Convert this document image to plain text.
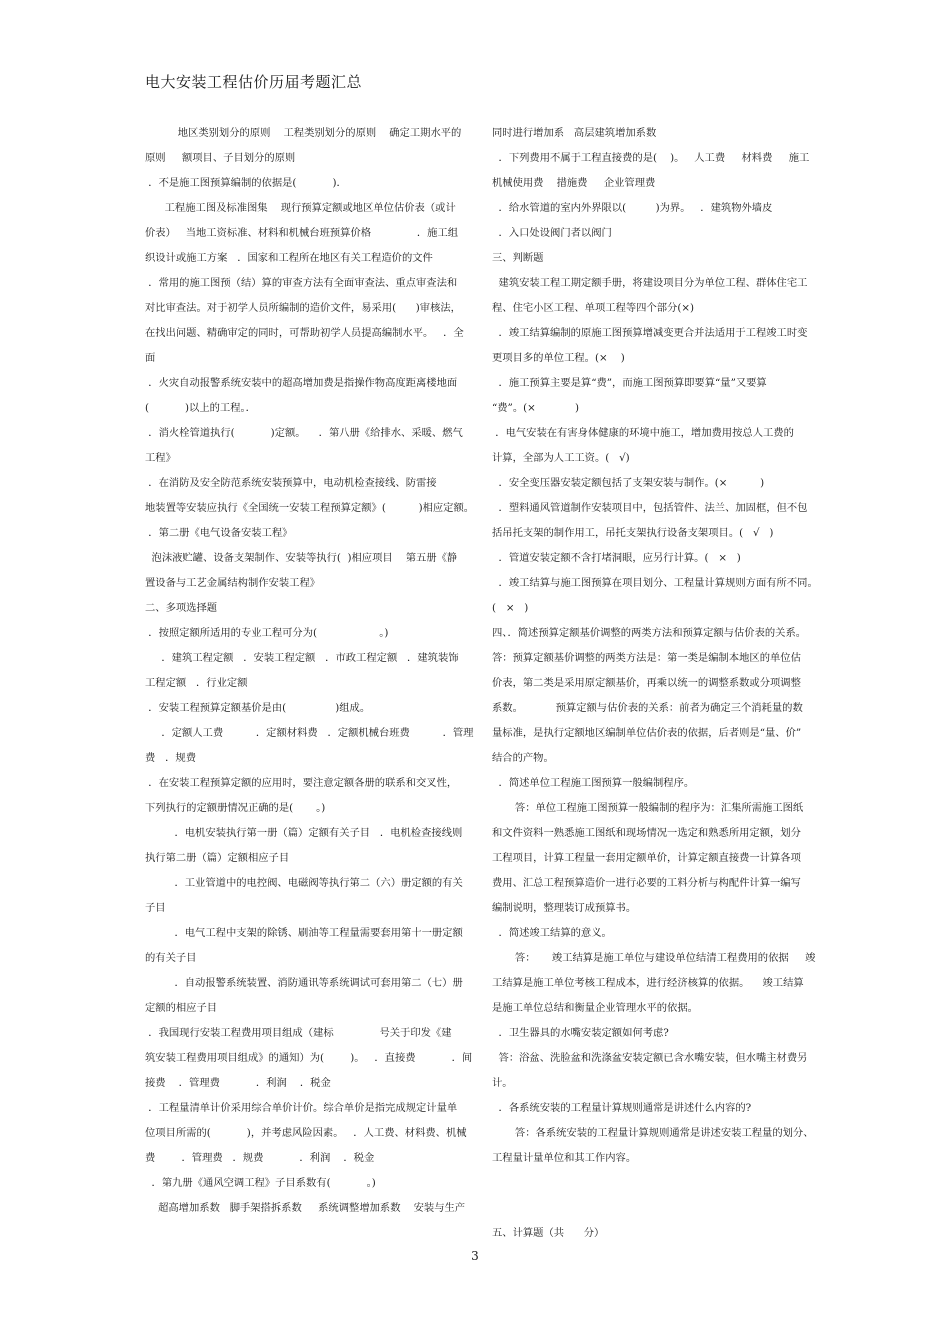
电大安装工程估价历届考题汇总
地区类别划分的原则    工程类别划分的原则    确定工期水平的
原则     额项目、子目划分的原则
．不是施工图预算编制的依据是(           )．
工程施工图及标准图集    现行预算定额或地区单位估价表（或计
价表）   当地工资标准、材料和机械台班预算价格              ．施工组
织设计或施工方案   ．国家和工程所在地区有关工程造价的文件
．常用的施工图预（结）算的审查方法有全面审查法、重点审查法和
对比审查法。对于初学人员所编制的造价文件，易采用(      )审核法，
在找出问题、精确审定的同时，可帮助初学人员提高编制水平。   ．全
面
．火灾自动报警系统安装中的超高增加费是指操作物高度距离楼地面
(           )以上的工程。．
．消火栓管道执行(           )定额。    ．第八册《给排水、采暖、燃气
工程》
．在消防及安全防范系统安装预算中，电动机检查接线、防雷接
地装置等安装应执行《全国统一安装工程预算定额》(          )相应定额。
．第二册《电气设备安装工程》
泡沫液贮罐、设备支架制作、安装等执行(  )相应项目    第五册《静
置设备与工艺金属结构制作安装工程》
二、多项选择题
．按照定额所适用的专业工程可分为(                   。)
．建筑工程定额   ．安装工程定额   ．市政工程定额   ．建筑装饰
工程定额   ．行业定额
．安装工程预算定额基价是由(               )组成。
．定额人工费          ．定额材料费   ．定额机械台班费          ．管理
费   ．规费
．在安装工程预算定额的应用时，要注意定额各册的联系和交叉性，
下列执行的定额册情况正确的是(       。)
．电机安装执行第一册（篇）定额有关子目   ．电机检查接线则
执行第二册（篇）定额相应子目
．工业管道中的电控阀、电磁阀等执行第二（六）册定额的有关
子目
．电气工程中支架的除锈、刷油等工程量需要套用第十一册定额
的有关子目
．自动报警系统装置、消防通讯等系统调试可套用第二（七）册
定额的相应子目
．我国现行安装工程费用项目组成（建标              号关于印发《建
筑安装工程费用项目组成》的通知）为(        )。   ．直接费           ．间
接费    ．管理费           ．利润    ．税金
．工程量清单计价采用综合单价计价。综合单价是指完成规定计量单
位项目所需的(           )，并考虑风险因素。   ．人工费、材料费、机械
费        ．管理费   ．规费           ．利润    ．税金
．第九册《通风空调工程》子目系数有(           。)
超高增加系数   脚手架搭拆系数     系统调整增加系数    安装与生产
同时进行增加系   高层建筑增加系数
．下列费用不属于工程直接费的是(    )。   人工费     材料费     施工
机械使用费    措施费     企业管理费
．给水管道的室内外界限以(         )为界。   ．建筑物外墙皮
．入口处设阀门者以阀门
三、判断题
建筑安装工程工期定额手册，将建设项目分为单位工程、群体住宅工
程、住宅小区工程、单项工程等四个部分(×)
．竣工结算编制的原施工图预算增减变更合并法适用于工程竣工时变
更项目多的单位工程。(×    )
．施工预算主要是算“费”，而施工图预算即要算“量”又要算
“费”。(×            )
．电气安装在有害身体健康的环境中施工，增加费用按总人工费的
计算，全部为人工工资。(   √)
．安全变压器安装定额包括了支架安装与制作。(×          )
．塑料通风管道制作安装项目中，包括管件、法兰、加固框，但不包
括吊托支架的制作用工，吊托支架执行设备支架项目。(   √   )
．管道安装定额不含打堵洞眼，应另行计算。(   ×   )
．竣工结算与施工图预算在项目划分、工程量计算规则方面有所不同。
(   ×   )
四、．简述预算定额基价调整的两类方法和预算定额与估价表的关系。
答：预算定额基价调整的两类方法是：第一类是编制本地区的单位估
价表，第二类是采用原定额基价，再乘以统一的调整系数或分项调整
系数。          预算定额与估价表的关系：前者为确定三个消耗量的数
量标准，是执行定额地区编制单位估价表的依据，后者则是“量、价”
结合的产物。
．简述单位工程施工图预算一般编制程序。
答：单位工程施工图预算一般编制的程序为：汇集所需施工图纸
和文件资料一熟悉施工图纸和现场情况一选定和熟悉所用定额，划分
工程项目，计算工程量一套用定额单价，计算定额直接费一计算各项
费用、汇总工程预算造价一进行必要的工料分析与构配件计算一编写
编制说明，整理装订成预算书。
．简述竣工结算的意义。
答：     竣工结算是施工单位与建设单位结清工程费用的依据     竣
工结算是施工单位考核工程成本，进行经济核算的依据。    竣工结算
是施工单位总结和衡量企业管理水平的依据。
．卫生器具的水嘴安装定额如何考虑?
答：浴盆、洗脸盆和洗涤盆安装定额已含水嘴安装，但水嘴主材费另
计。
．各系统安装的工程量计算规则通常是讲述什么内容的?
答：各系统安装的工程量计算规则通常是讲述安装工程量的划分、
工程量计量单位和其工作内容。
五、计算题（共      分）
3
